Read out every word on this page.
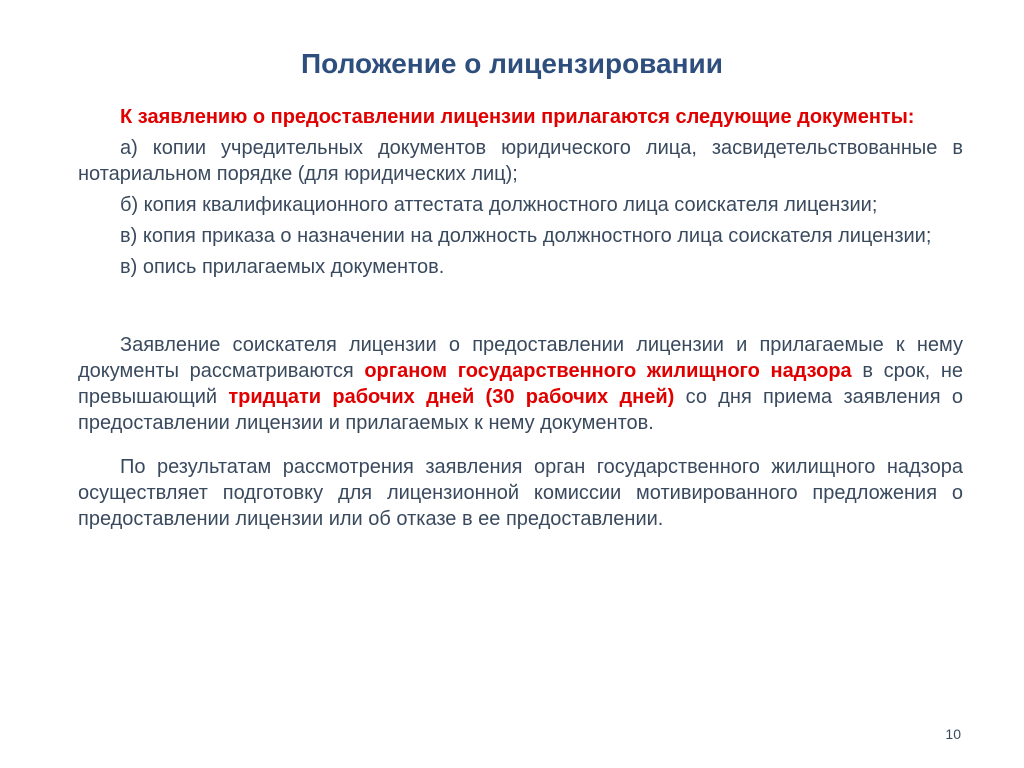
Положение о лицензировании

К заявлению о предоставлении лицензии прилагаются следующие документы:

а) копии учредительных документов юридического лица, засвидетельствованные в нотариальном порядке (для юридических лиц);

б) копия квалификационного аттестата должностного лица соискателя лицензии;

в) копия приказа о назначении на должность должностного лица соискателя лицензии;

в) опись прилагаемых документов.

Заявление соискателя лицензии о предоставлении лицензии и прилагаемые к нему документы рассматриваются органом государственного жилищного надзора в срок, не превышающий тридцати рабочих дней (30 рабочих дней) со дня приема заявления о предоставлении лицензии и прилагаемых к нему документов.

По результатам рассмотрения заявления орган государственного жилищного надзора осуществляет подготовку для лицензионной комиссии мотивированного предложения о предоставлении лицензии или об отказе в ее предоставлении.

10
